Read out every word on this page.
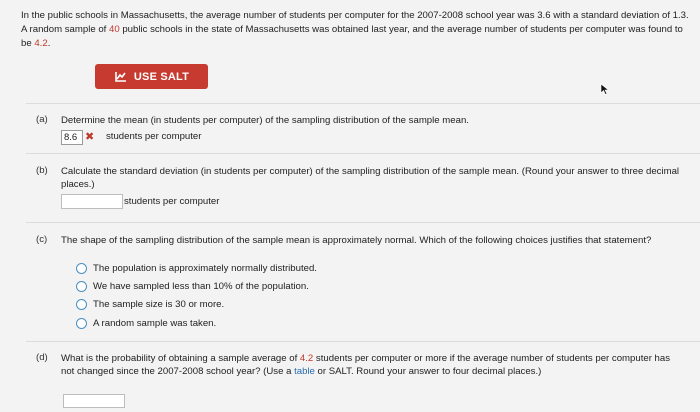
In the public schools in Massachusetts, the average number of students per computer for the 2007-2008 school year was 3.6 with a standard deviation of 1.3. A random sample of 40 public schools in the state of Massachusetts was obtained last year, and the average number of students per computer was found to be 4.2.
USE SALT
(a) Determine the mean (in students per computer) of the sampling distribution of the sample mean.
8.6 ✖ students per computer
(b) Calculate the standard deviation (in students per computer) of the sampling distribution of the sample mean. (Round your answer to three decimal places.)
students per computer
(c) The shape of the sampling distribution of the sample mean is approximately normal. Which of the following choices justifies that statement?
The population is approximately normally distributed.
We have sampled less than 10% of the population.
The sample size is 30 or more.
A random sample was taken.
(d) What is the probability of obtaining a sample average of 4.2 students per computer or more if the average number of students per computer has not changed since the 2007-2008 school year? (Use a table or SALT. Round your answer to four decimal places.)
